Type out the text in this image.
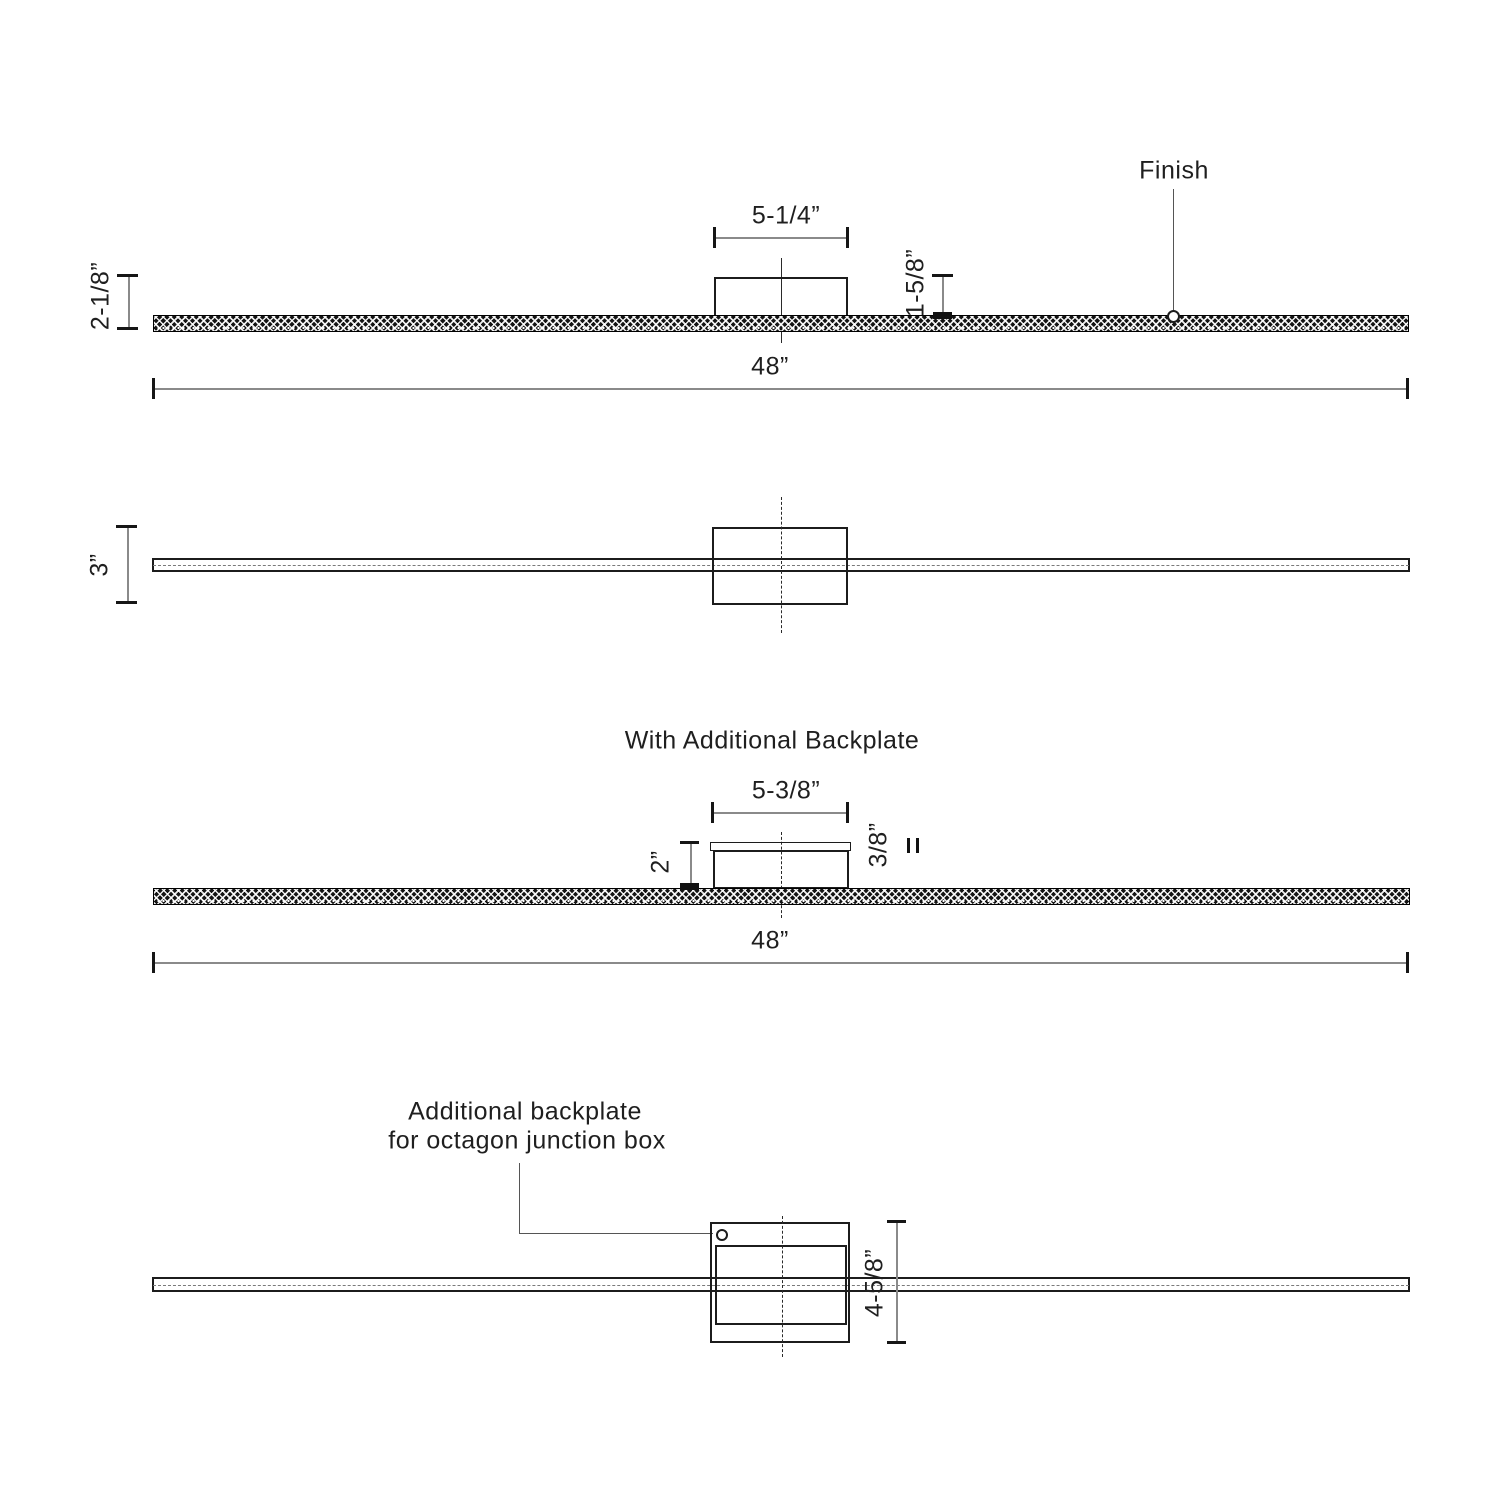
Finish
5-1/4”
2-1/8”	1-5/8”
48”
3”
With Additional Backplate
5-3/8”
2”	3/8”
48”
Additional backplate
for octagon junction box
4-5/8”
